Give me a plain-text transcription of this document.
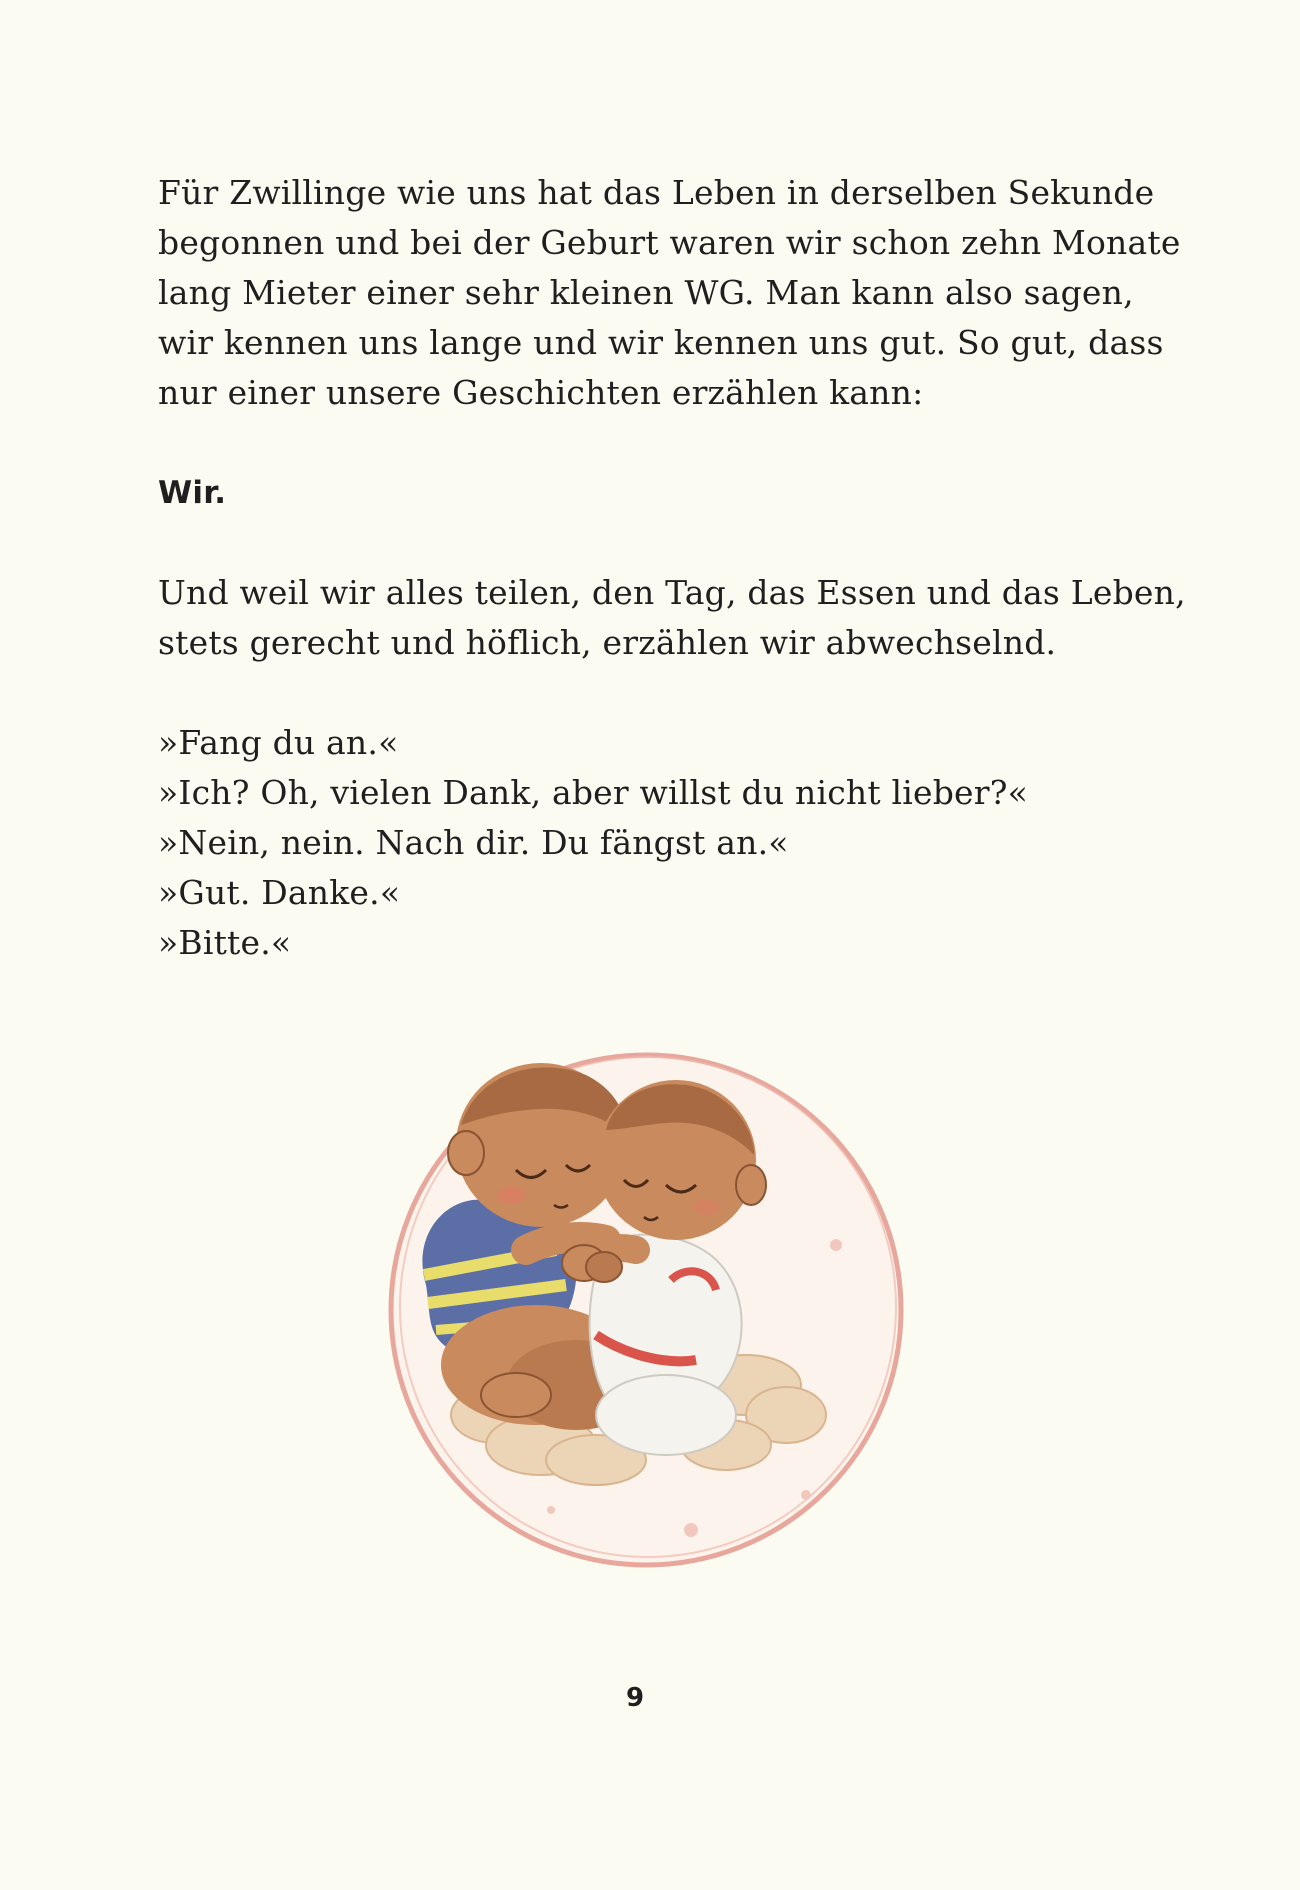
Für Zwillinge wie uns hat das Leben in derselben Sekunde
begonnen und bei der Geburt waren wir schon zehn Monate
lang Mieter einer sehr kleinen WG. Man kann also sagen,
wir kennen uns lange und wir kennen uns gut. So gut, dass
nur einer unsere Geschichten erzählen kann:
Wir.
Und weil wir alles teilen, den Tag, das Essen und das Leben,
stets gerecht und höflich, erzählen wir abwechselnd.
»Fang du an.«
»Ich? Oh, vielen Dank, aber willst du nicht lieber?«
»Nein, nein. Nach dir. Du fängst an.«
»Gut. Danke.«
»Bitte.«
9
